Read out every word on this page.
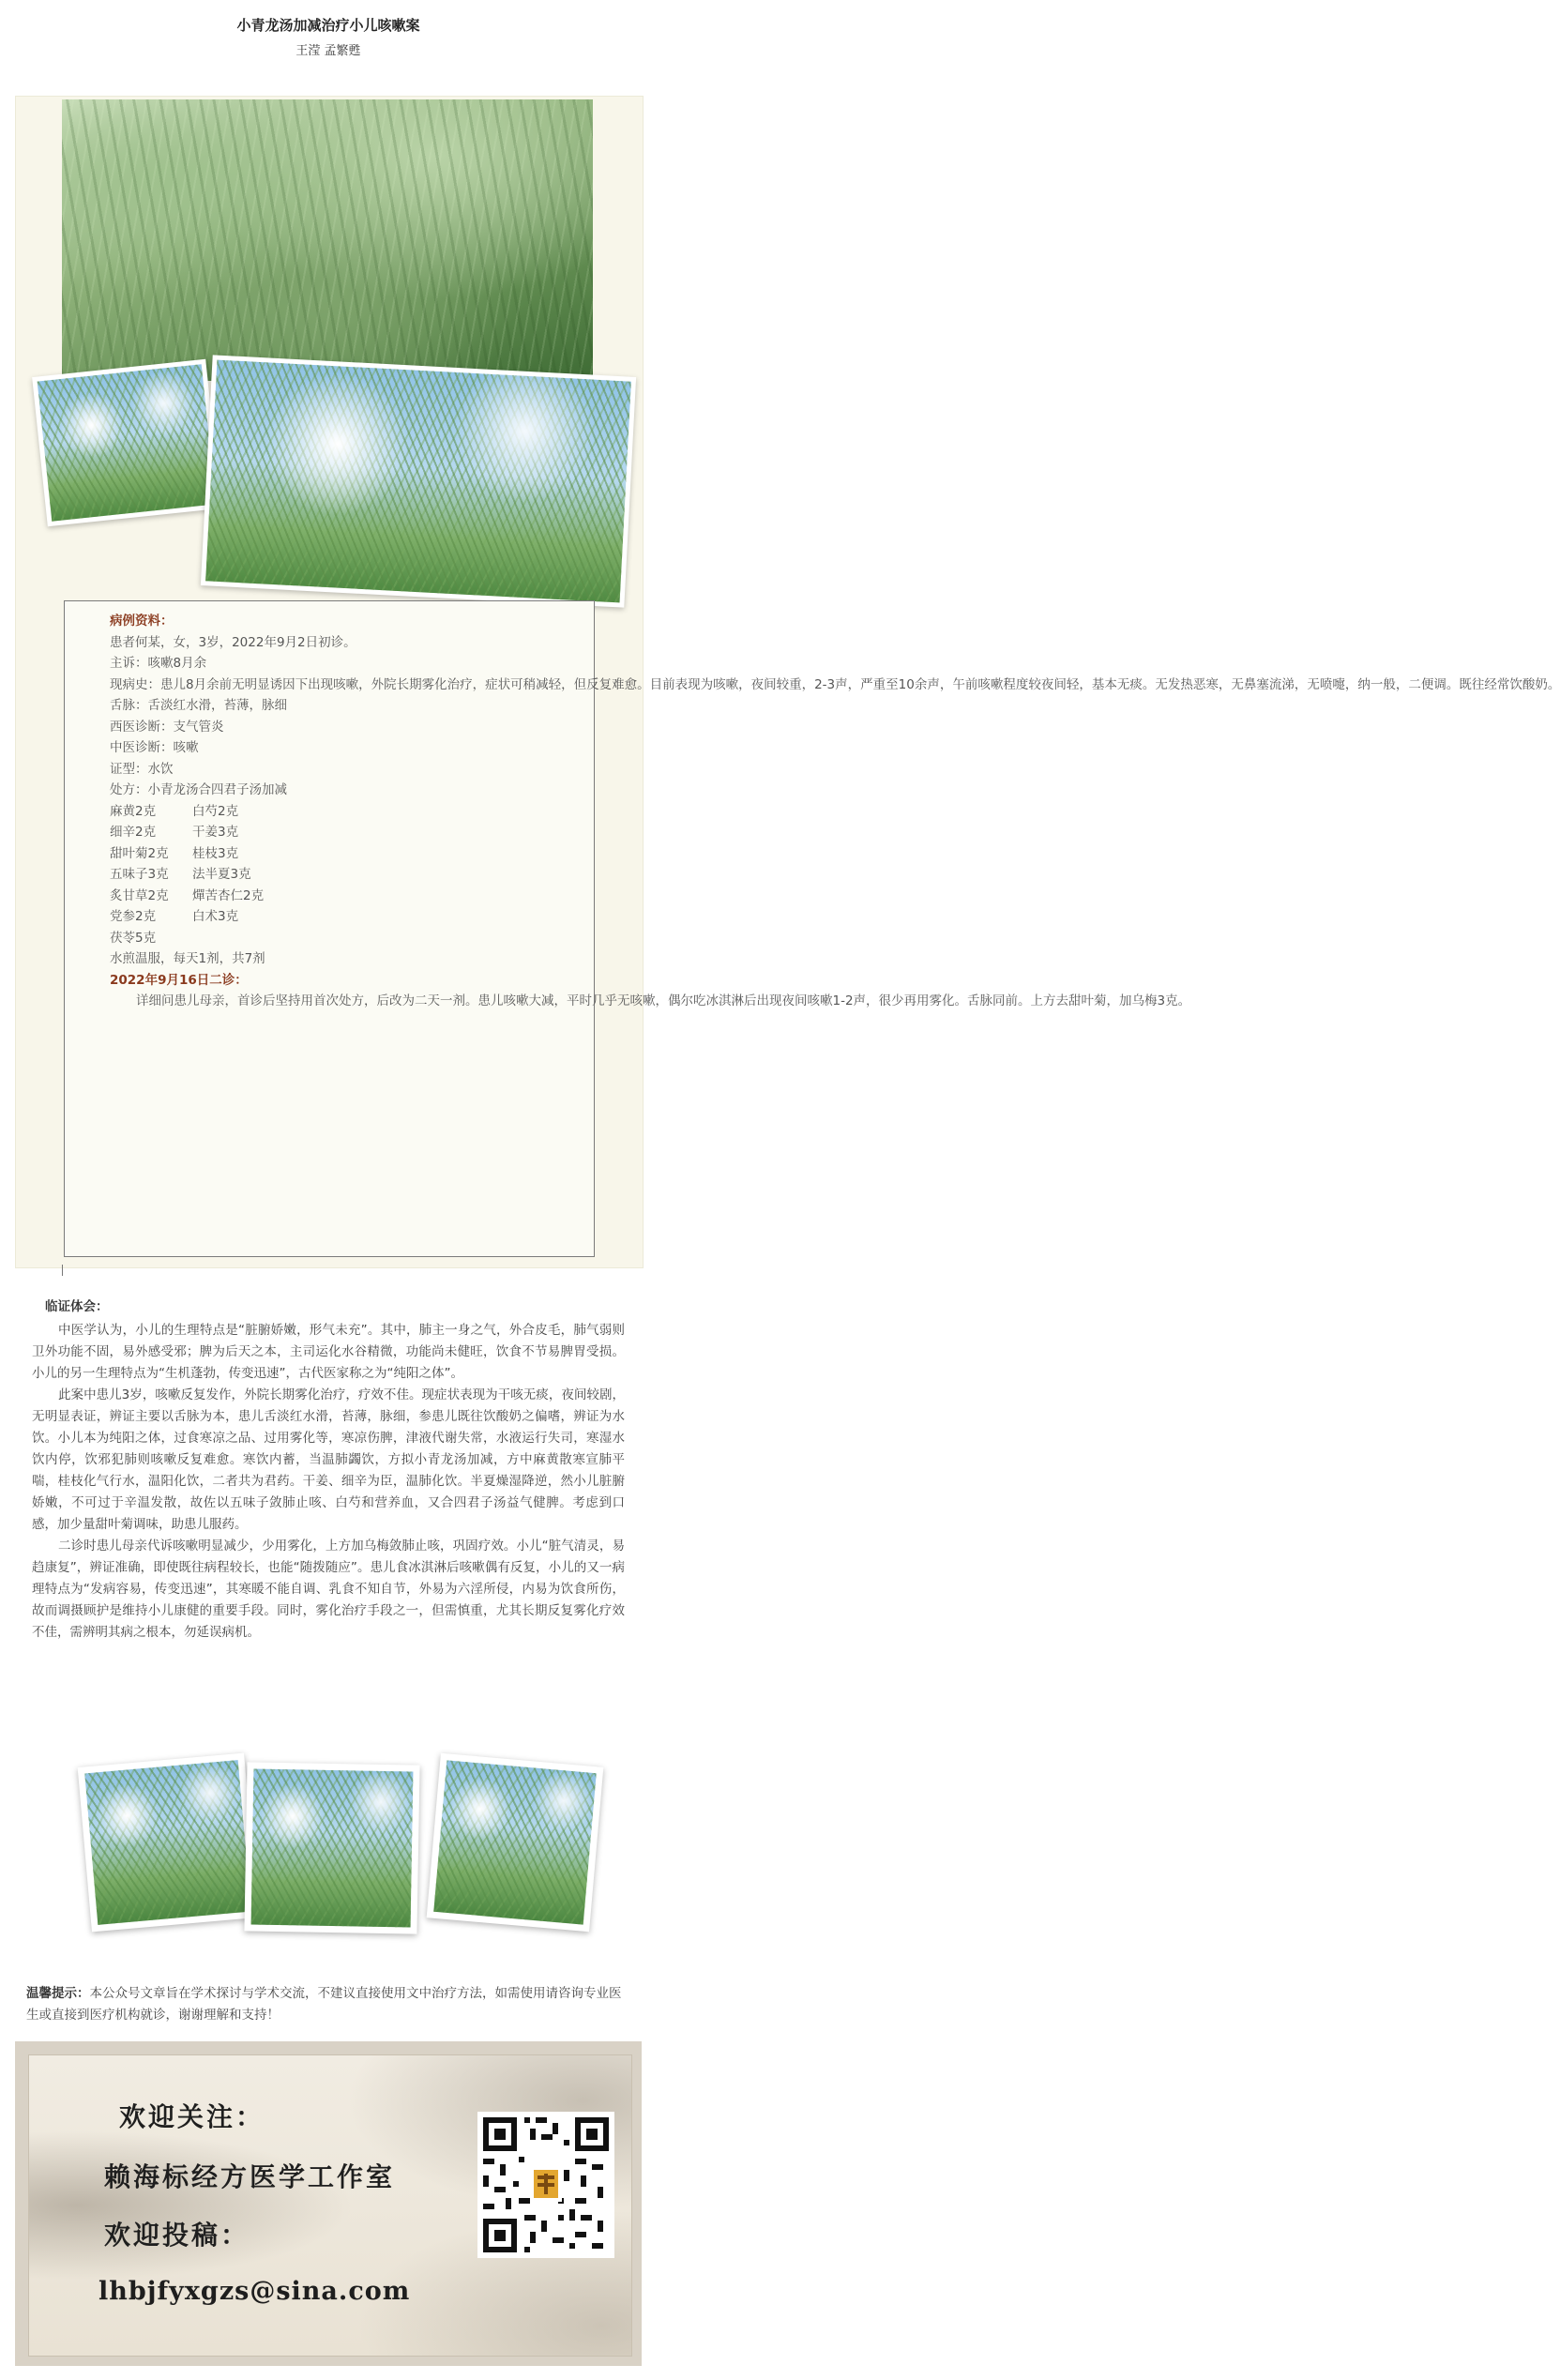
小青龙汤加减治疗小儿咳嗽案
王滢 孟繁甦
病例资料：
患者何某，女，3岁，2022年9月2日初诊。
主诉：咳嗽8月余
现病史：患儿8月余前无明显诱因下出现咳嗽，外院长期雾化治疗，症状可稍减轻，但反复难愈。目前表现为咳嗽，夜间较重，2-3声，严重至10余声，午前咳嗽程度较夜间轻，基本无痰。无发热恶寒，无鼻塞流涕，无喷嚏，纳一般，二便调。既往经常饮酸奶。
舌脉：舌淡红水滑，苔薄，脉细
西医诊断：支气管炎
中医诊断：咳嗽
证型：水饮
处方：小青龙汤合四君子汤加减
麻黄2克	白芍2克
细辛2克	干姜3克
甜叶菊2克 桂枝3克
五味子3克 法半夏3克
炙甘草2克 燀苦杏仁2克
党参2克	白术3克
茯苓5克
水煎温服，每天1剂，共7剂
2022年9月16日二诊：
详细问患儿母亲，首诊后坚持用首次处方，后改为二天一剂。患儿咳嗽大减，平时几乎无咳嗽，偶尔吃冰淇淋后出现夜间咳嗽1-2声，很少再用雾化。舌脉同前。上方去甜叶菊，加乌梅3克。
临证体会：

中医学认为，小儿的生理特点是“脏腑娇嫩，形气未充”。其中，肺主一身之气，外合皮毛，肺气弱则卫外功能不固，易外感受邪；脾为后天之本，主司运化水谷精微，功能尚未健旺，饮食不节易脾胃受损。小儿的另一生理特点为“生机蓬勃，传变迅速”，古代医家称之为“纯阳之体”。

此案中患儿3岁，咳嗽反复发作，外院长期雾化治疗，疗效不佳。现症状表现为干咳无痰，夜间较剧，无明显表证，辨证主要以舌脉为本，患儿舌淡红水滑，苔薄，脉细，参患儿既往饮酸奶之偏嗜，辨证为水饮。小儿本为纯阳之体，过食寒凉之品、过用雾化等，寒凉伤脾，津液代谢失常，水液运行失司，寒湿水饮内停，饮邪犯肺则咳嗽反复难愈。寒饮内蓄，当温肺蠲饮，方拟小青龙汤加减，方中麻黄散寒宣肺平喘，桂枝化气行水，温阳化饮，二者共为君药。干姜、细辛为臣，温肺化饮。半夏燥湿降逆，然小儿脏腑娇嫩，不可过于辛温发散，故佐以五味子敛肺止咳、白芍和营养血，又合四君子汤益气健脾。考虑到口感，加少量甜叶菊调味，助患儿服药。

二诊时患儿母亲代诉咳嗽明显减少，少用雾化，上方加乌梅敛肺止咳，巩固疗效。小儿“脏气清灵，易趋康复”，辨证准确，即使既往病程较长，也能“随拨随应”。患儿食冰淇淋后咳嗽偶有反复，小儿的又一病理特点为“发病容易，传变迅速”，其寒暖不能自调、乳食不知自节，外易为六淫所侵，内易为饮食所伤，故而调摄顾护是维持小儿康健的重要手段。同时，雾化治疗手段之一，但需慎重，尤其长期反复雾化疗效不佳，需辨明其病之根本，勿延误病机。

温馨提示：本公众号文章旨在学术探讨与学术交流，不建议直接使用文中治疗方法，如需使用请咨询专业医生或直接到医疗机构就诊，谢谢理解和支持！
欢迎关注：
赖海标经方医学工作室
欢迎投稿：
lhbjfyxgzs@sina.com
